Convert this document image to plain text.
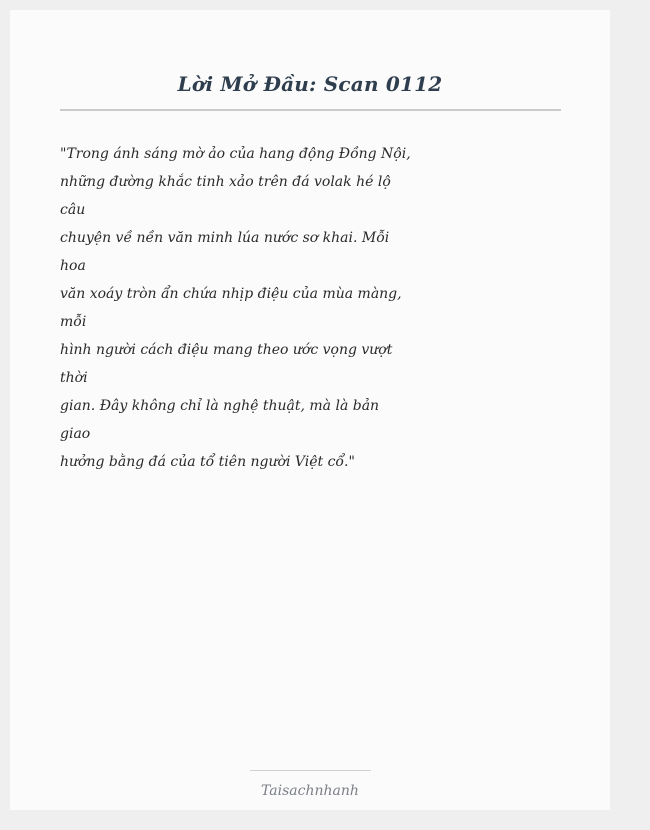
Lời Mở Đầu: Scan 0112
"Trong ánh sáng mờ ảo của hang động Đồng Nội,
những đường khắc tinh xảo trên đá volak hé lộ
câu
chuyện về nền văn minh lúa nước sơ khai. Mỗi
hoa
văn xoáy tròn ẩn chứa nhịp điệu của mùa màng,
mỗi
hình người cách điệu mang theo ước vọng vượt
thời
gian. Đây không chỉ là nghệ thuật, mà là bản
giao
hưởng bằng đá của tổ tiên người Việt cổ."
Taisachnhanh
